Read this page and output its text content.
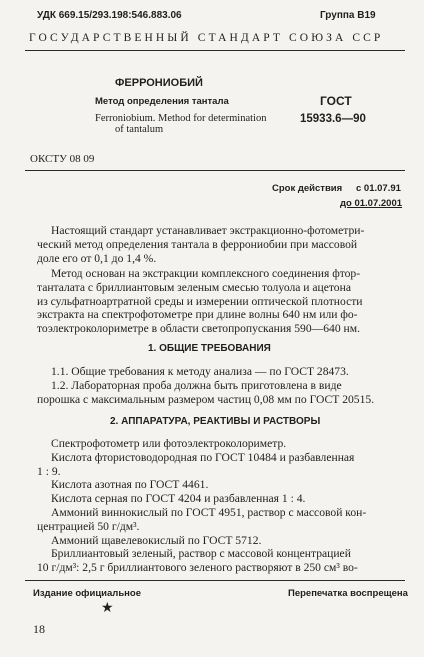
УДК 669.15/293.198:546.883.06	Группа В19
ГОСУДАРСТВЕННЫЙ СТАНДАРТ СОЮЗА ССР
ФЕРРОНИОБИЙ
Метод определения тантала
Ferroniobium. Method for determination
of tantalum
ГОСТ
15933.6—90
ОКСТУ 08 09
Срок действия с 01.07.91
до 01.07.2001
Настоящий стандарт устанавливает экстракционно-фотометри-
ческий метод определения тантала в феррониобии при массовой
доле его от 0,1 до 1,4 %.
Метод основан на экстракции комплексного соединения фтор-
танталата с бриллиантовым зеленым смесью толуола и ацетона
из сульфатноартратной среды и измерении оптической плотности
экстракта на спектрофотометре при длине волны 640 нм или фо-
тоэлектроколориметре в области светопропускания 590—640 нм.
1. ОБЩИЕ ТРЕБОВАНИЯ
1.1. Общие требования к методу анализа — по ГОСТ 28473.
1.2. Лабораторная проба должна быть приготовлена в виде
порошка с максимальным размером частиц 0,08 мм по ГОСТ 20515.
2. АППАРАТУРА, РЕАКТИВЫ И РАСТВОРЫ
Спектрофотометр или фотоэлектроколориметр.
Кислота фтористоводородная по ГОСТ 10484 и разбавленная
1 : 9.
Кислота азотная по ГОСТ 4461.
Кислота серная по ГОСТ 4204 и разбавленная 1 : 4.
Аммоний виннокислый по ГОСТ 4951, раствор с массовой кон-
центрацией 50 г/дм³.
Аммоний щавелевокислый по ГОСТ 5712.
Бриллиантовый зеленый, раствор с массовой концентрацией
10 г/дм³: 2,5 г бриллиантового зеленого растворяют в 250 см³ во-
Издание официальное	Перепечатка воспрещена
★
18
